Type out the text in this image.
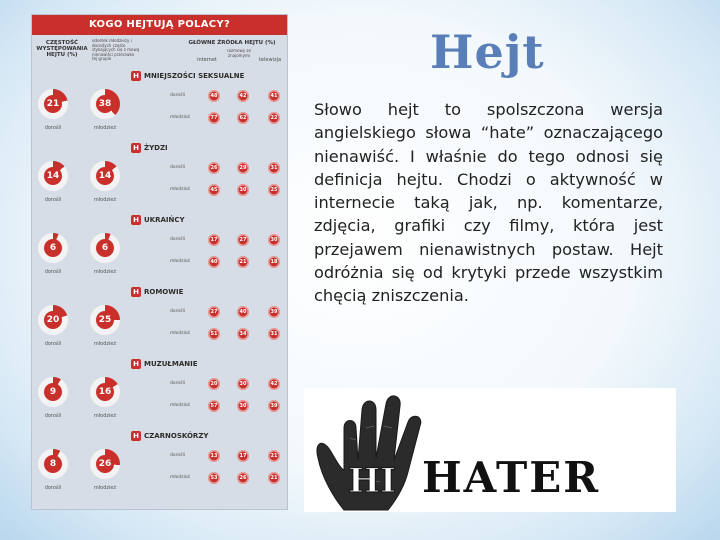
KOGO HEJTUJĄ POLACY?
CZĘSTOŚĆ WYSTĘPOWANIA HEJTU (%)
odsetek młodzieży i dorosłych często stykających się z mową nienawiści przeciwko tej grupie
GŁÓWNE ŹRÓDŁA HEJTU (%)
internet
rozmowy ze znajomymi
telewizja
H MNIEJSZOŚCI SEKSUALNE
21
dorośli
38
młodzież
dorośli	48	42	41
młodzież	77	62	22
H ŻYDZI
14
dorośli
14
młodzież
dorośli	26	29	31
młodzież	45	30	25
H UKRAIŃCY
6
dorośli
6
młodzież
dorośli	17	27	30
młodzież	40	21	18
H ROMOWIE
20
dorośli
25
młodzież
dorośli	27	40	39
młodzież	51	34	31
H MUZUŁMANIE
9
dorośli
16
młodzież
dorośli	20	30	42
młodzież	57	30	39
H CZARNOSKÓRZY
8
dorośli
26
młodzież
dorośli	13	17	21
młodzież	53	26	21
Hejt

Słowo hejt to spolszczona wersja angielskiego słowa “hate” oznaczającego nienawiść. I właśnie do tego odnosi się definicja hejtu. Chodzi o aktywność w internecie taką jak, np. komentarze, zdjęcia, grafiki czy filmy, która jest przejawem nienawistnych postaw. Hejt odróżnia się od krytyki przede wszystkim chęcią zniszczenia.

HI HATER
